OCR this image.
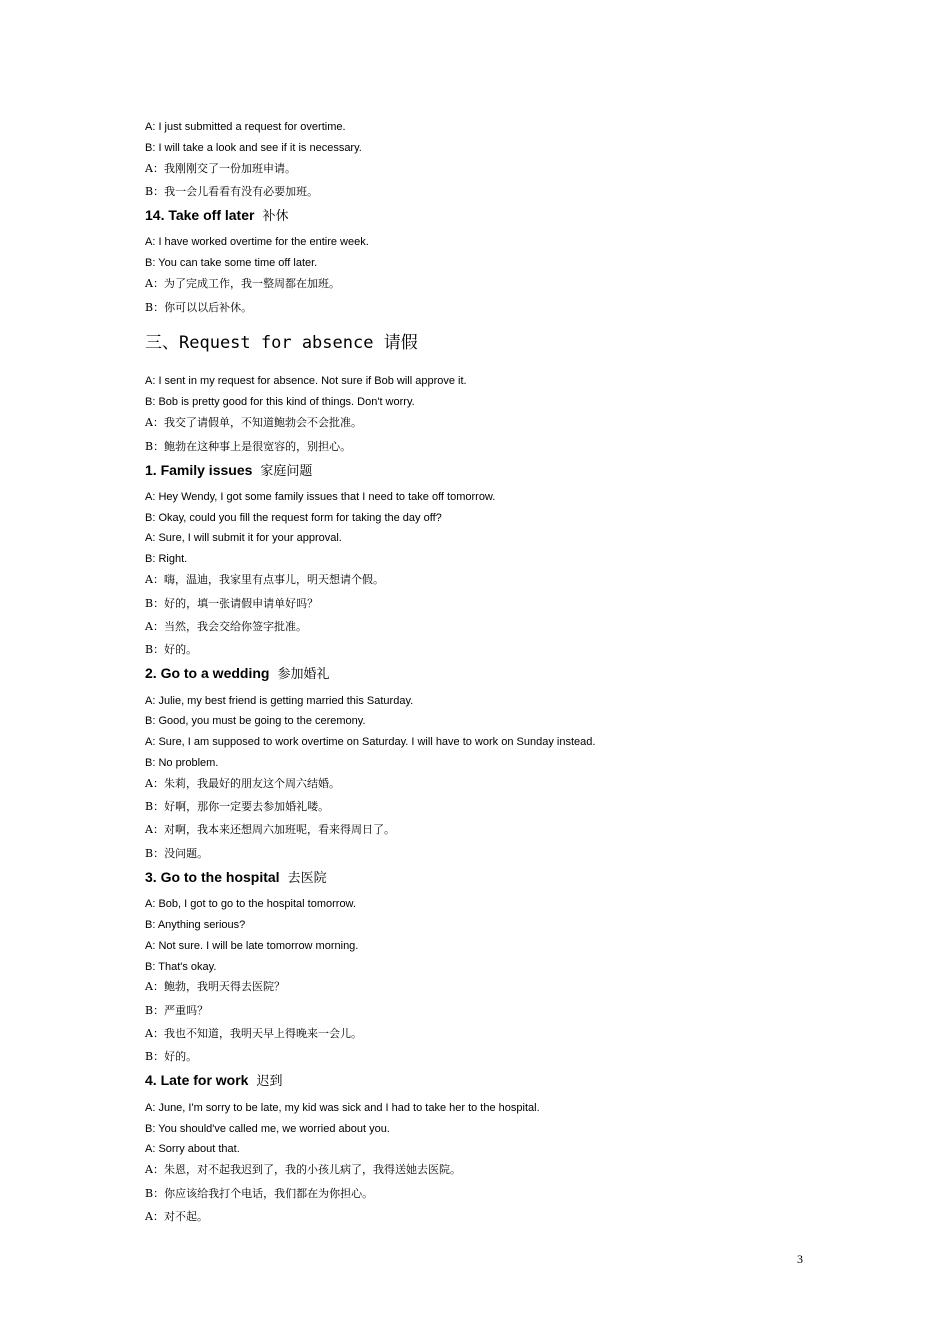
A: I just submitted a request for overtime.
B: I will take a look and see if it is necessary.
A：我刚刚交了一份加班申请。
B：我一会儿看看有没有必要加班。
14. Take off later 补休
A: I have worked overtime for the entire week.
B: You can take some time off later.
A：为了完成工作，我一整周都在加班。
B：你可以以后补休。
三、Request for absence 请假
A: I sent in my request for absence. Not sure if Bob will approve it.
B: Bob is pretty good for this kind of things. Don't worry.
A：我交了请假单，不知道鲍勃会不会批准。
B：鲍勃在这种事上是很宽容的，别担心。
1. Family issues 家庭问题
A: Hey Wendy, I got some family issues that I need to take off tomorrow.
B: Okay, could you fill the request form for taking the day off?
A: Sure, I will submit it for your approval.
B: Right.
A：嗨，温迪，我家里有点事儿，明天想请个假。
B：好的，填一张请假申请单好吗？
A：当然，我会交给你签字批准。
B：好的。
2. Go to a wedding 参加婚礼
A: Julie, my best friend is getting married this Saturday.
B: Good, you must be going to the ceremony.
A: Sure, I am supposed to work overtime on Saturday. I will have to work on Sunday instead.
B: No problem.
A：朱莉，我最好的朋友这个周六结婚。
B：好啊，那你一定要去参加婚礼喽。
A：对啊，我本来还想周六加班呢，看来得周日了。
B：没问题。
3. Go to the hospital 去医院
A: Bob, I got to go to the hospital tomorrow.
B: Anything serious?
A: Not sure. I will be late tomorrow morning.
B: That's okay.
A：鲍勃，我明天得去医院？
B：严重吗？
A：我也不知道，我明天早上得晚来一会儿。
B：好的。
4. Late for work 迟到
A: June, I'm sorry to be late, my kid was sick and I had to take her to the hospital.
B: You should've called me, we worried about you.
A: Sorry about that.
A：朱恩，对不起我迟到了，我的小孩儿病了，我得送她去医院。
B：你应该给我打个电话，我们都在为你担心。
A：对不起。
3
